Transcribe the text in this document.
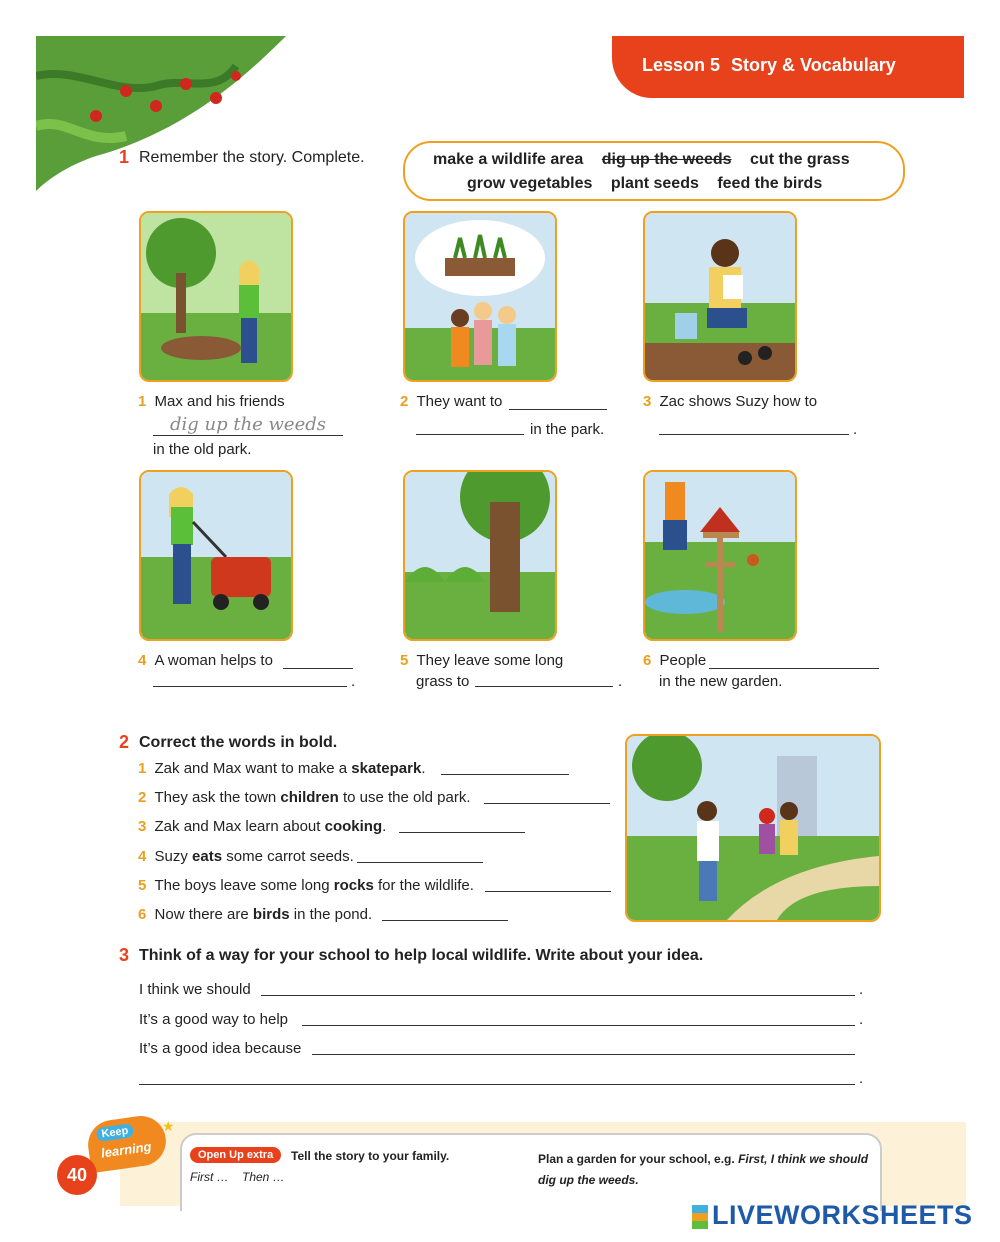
Lesson 5 Story & Vocabulary
1 Remember the story. Complete.	make a wildlife area dig up the weeds cut the grass
grow vegetables plant seeds feed the birds
1 Max and his friends
dig up the weeds
in the old park.
2 They want to
in the park.
3 Zac shows Suzy how to
.
4 A woman helps to
.
5 They leave some long
grass to	.
6 People
in the new garden.
2 Correct the words in bold.
1 Zak and Max want to make a skatepark.
2 They ask the town children to use the old park.
3 Zak and Max learn about cooking.
4 Suzy eats some carrot seeds.
5 The boys leave some long rocks for the wildlife.
6 Now there are birds in the pond.
3 Think of a way for your school to help local wildlife. Write about your idea.
I think we should	.
It’s a good way to help	.
It’s a good idea because
.
Keep
learning
★
40
Open Up extra	Tell the story to your family.
First …    Then …
Plan a garden for your school, e.g. First, I think we should dig up the weeds.
LIVEWORKSHEETS
